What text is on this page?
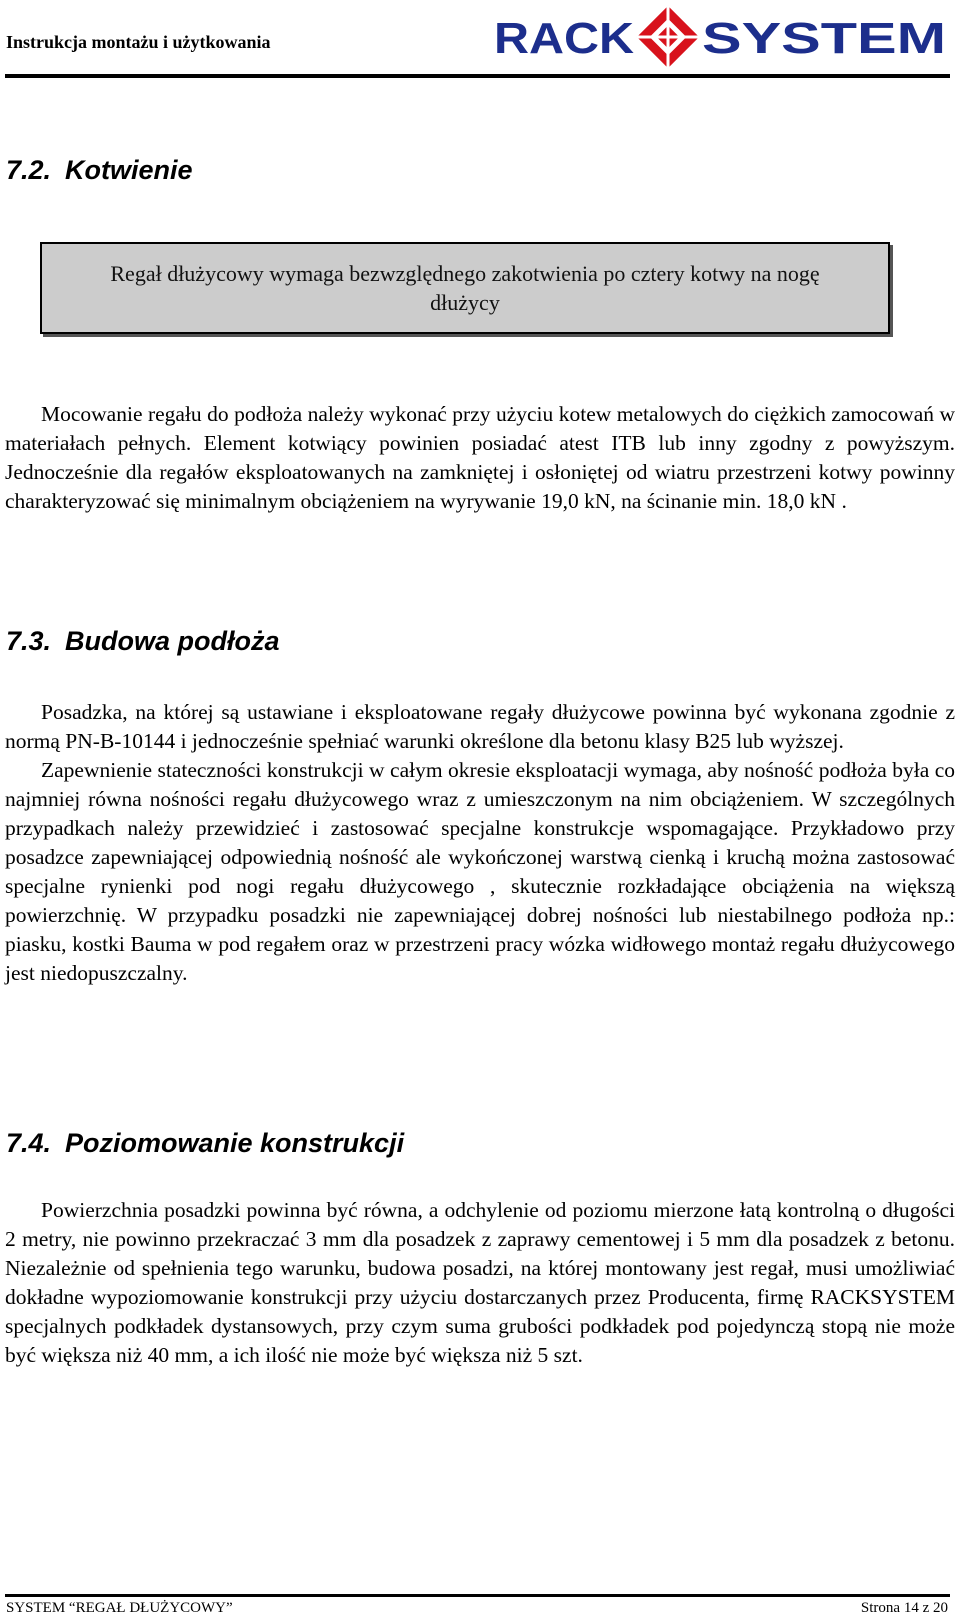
Instrukcja montażu i użytkowania	RACK SYSTEM
7.2. Kotwienie
Regał dłużycowy wymaga bezwzględnego zakotwienia po cztery kotwy na nogę dłużycy

Mocowanie regału do podłoża należy wykonać przy użyciu kotew metalowych do ciężkich zamocowań w materiałach pełnych. Element kotwiący powinien posiadać atest ITB lub inny zgodny z powyższym. Jednocześnie dla regałów eksploatowanych na zamkniętej i osłoniętej od wiatru przestrzeni kotwy powinny charakteryzować się minimalnym obciążeniem na wyrywanie 19,0 kN, na ścinanie min. 18,0 kN .

7.3. Budowa podłoża

Posadzka, na której są ustawiane i eksploatowane regały dłużycowe powinna być wykonana zgodnie z normą PN-B-10144 i jednocześnie spełniać warunki określone dla betonu klasy B25 lub wyższej.

Zapewnienie stateczności konstrukcji w całym okresie eksploatacji wymaga, aby nośność podłoża była co najmniej równa nośności regału dłużycowego wraz z umieszczonym na nim obciążeniem. W szczególnych przypadkach należy przewidzieć i zastosować specjalne konstrukcje wspomagające. Przykładowo przy posadzce zapewniającej odpowiednią nośność ale wykończonej warstwą cienką i kruchą można zastosować specjalne rynienki pod nogi regału dłużycowego , skutecznie rozkładające obciążenia na większą powierzchnię. W przypadku posadzki nie zapewniającej dobrej nośności lub niestabilnego podłoża np.: piasku, kostki Bauma w pod regałem oraz w przestrzeni pracy wózka widłowego montaż regału dłużycowego jest niedopuszczalny.

7.4. Poziomowanie konstrukcji

Powierzchnia posadzki powinna być równa, a odchylenie od poziomu mierzone łatą kontrolną o długości 2 metry, nie powinno przekraczać 3 mm dla posadzek z zaprawy cementowej i 5 mm dla posadzek z betonu. Niezależnie od spełnienia tego warunku, budowa posadzi, na której montowany jest regał, musi umożliwiać dokładne wypoziomowanie konstrukcji przy użyciu dostarczanych przez Producenta, firmę RACKSYSTEM specjalnych podkładek dystansowych, przy czym suma grubości podkładek pod pojedynczą stopą nie może być większa niż 40 mm, a ich ilość nie może być większa niż 5 szt.

SYSTEM “REGAŁ DŁUŻYCOWY”	Strona 14 z 20
